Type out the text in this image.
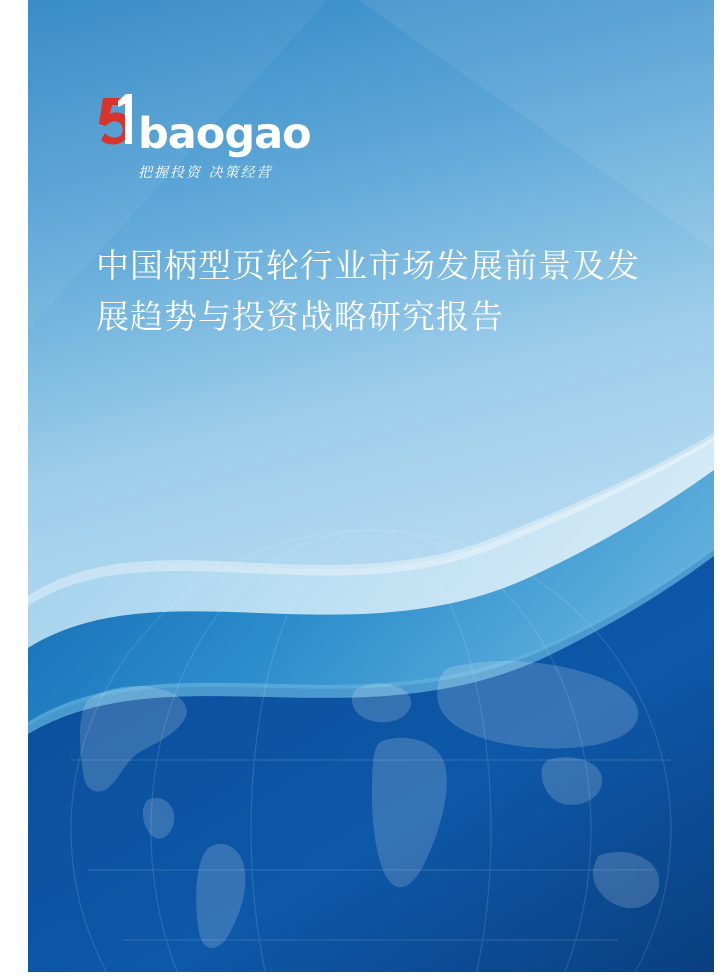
baogao
把握投资 决策经营
中国柄型页轮行业市场发展前景及发展趋势与投资战略研究报告
